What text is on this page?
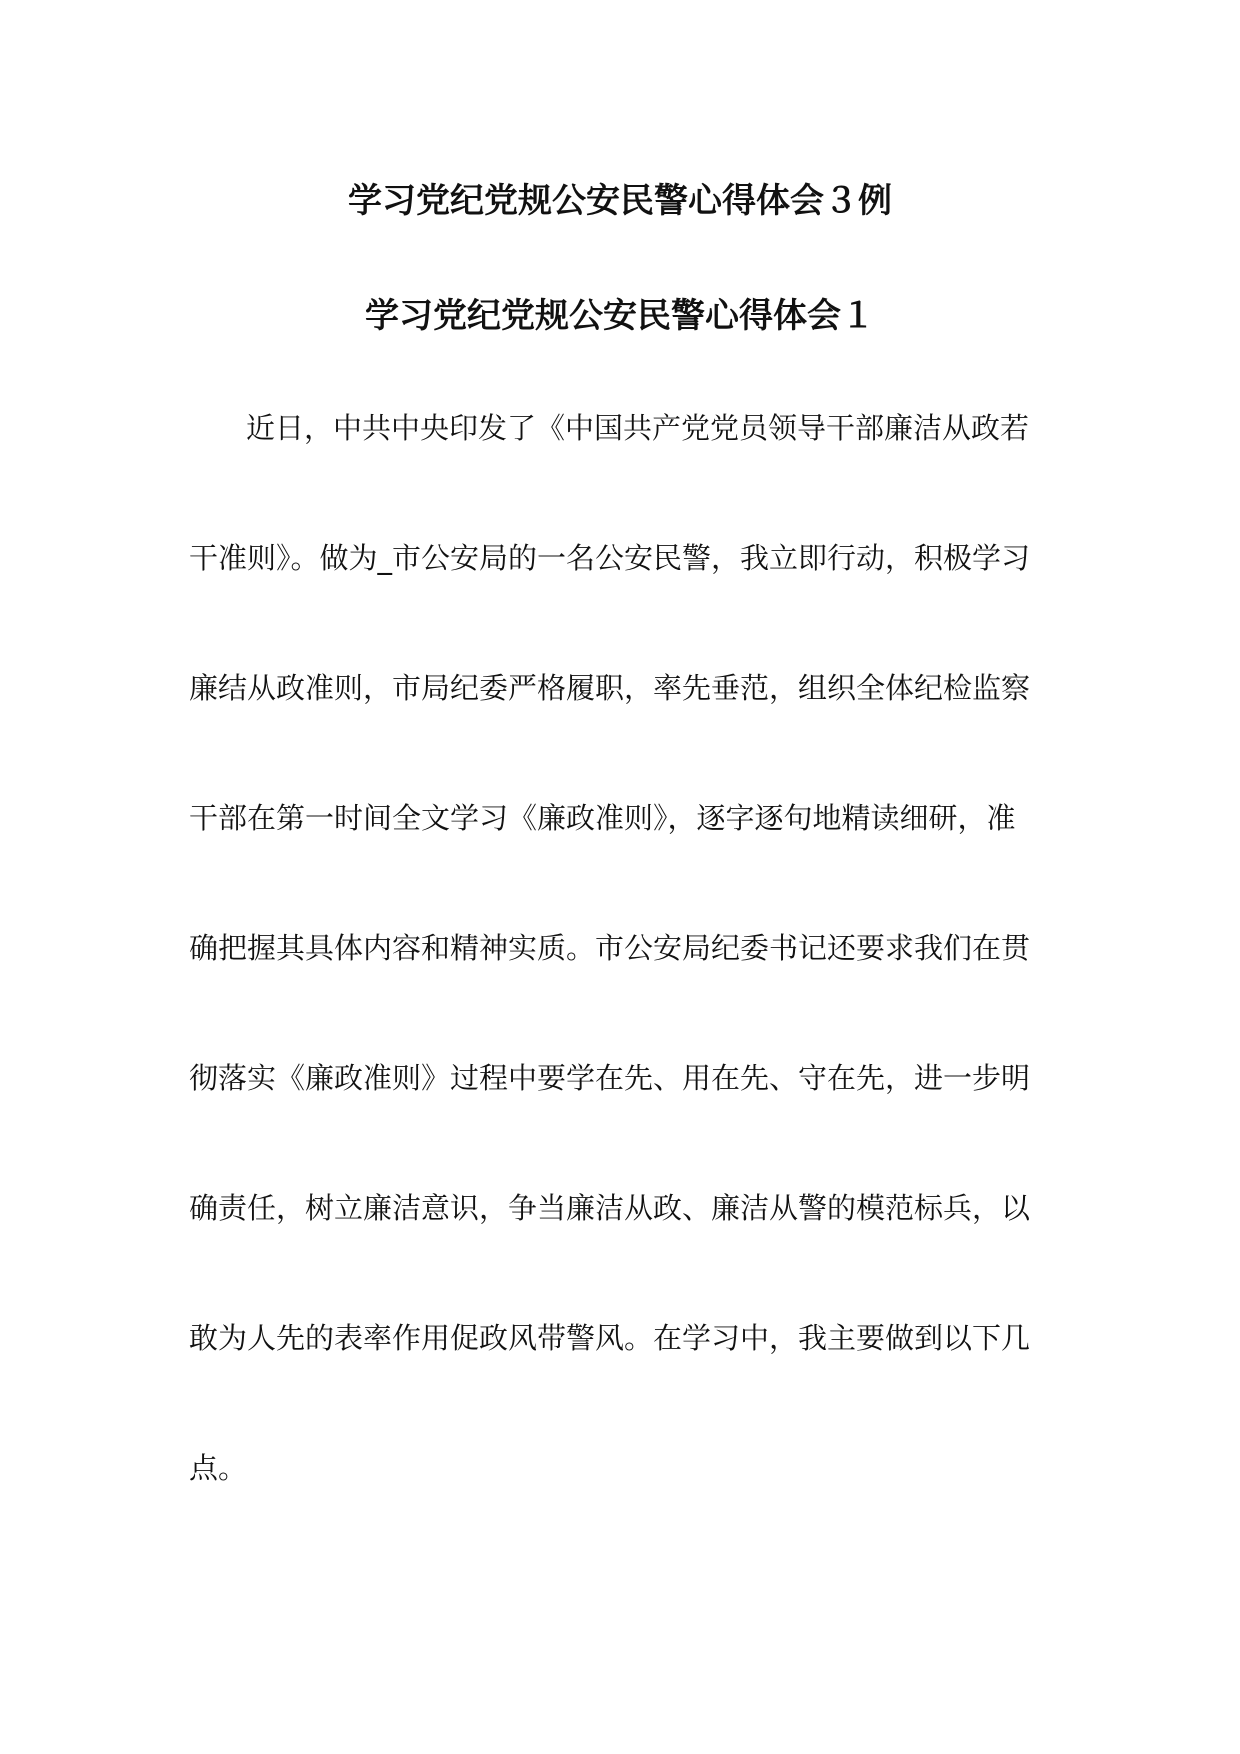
学习党纪党规公安民警心得体会３例
学习党纪党规公安民警心得体会１
近日，中共中央印发了《中国共产党党员领导干部廉洁从政若
干准则》。做为_市公安局的一名公安民警，我立即行动，积极学习
廉结从政准则，市局纪委严格履职，率先垂范，组织全体纪检监察
干部在第一时间全文学习《廉政准则》，逐字逐句地精读细研，准
确把握其具体内容和精神实质。市公安局纪委书记还要求我们在贯
彻落实《廉政准则》过程中要学在先、用在先、守在先，进一步明
确责任，树立廉洁意识，争当廉洁从政、廉洁从警的模范标兵，以
敢为人先的表率作用促政风带警风。在学习中，我主要做到以下几
点。
